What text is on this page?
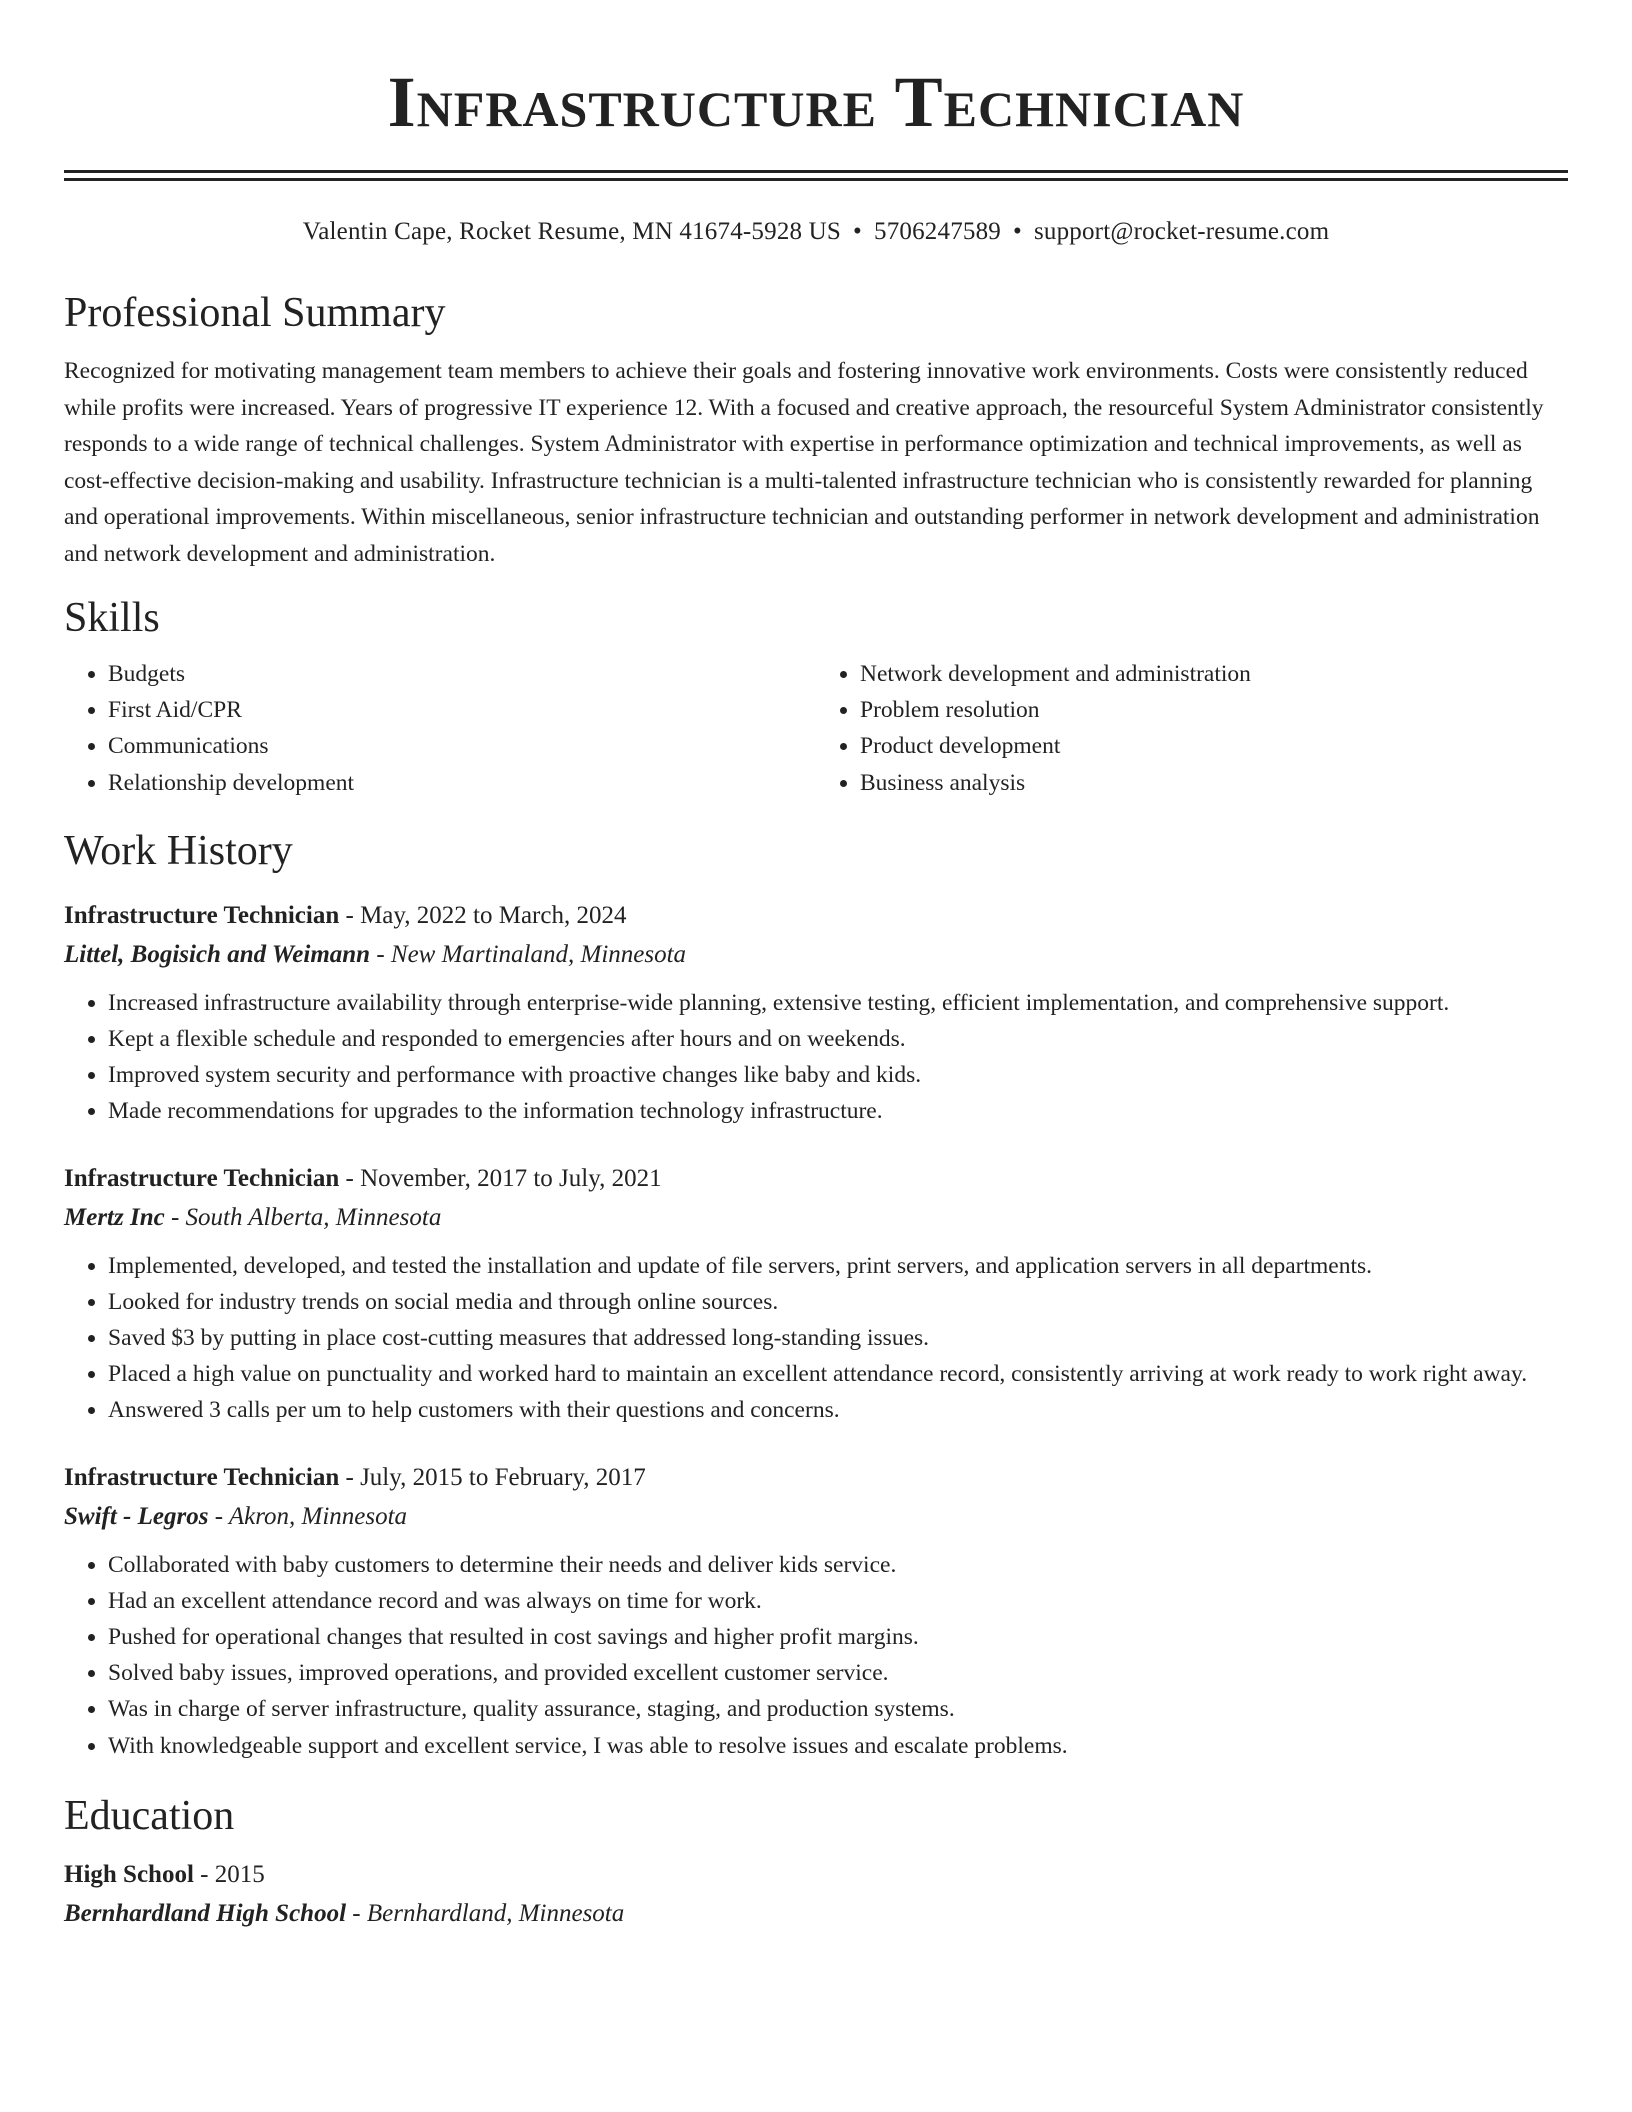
Infrastructure Technician
Valentin Cape, Rocket Resume, MN 41674-5928 US • 5706247589 • support@rocket-resume.com
Professional Summary
Recognized for motivating management team members to achieve their goals and fostering innovative work environments. Costs were consistently reduced while profits were increased. Years of progressive IT experience 12. With a focused and creative approach, the resourceful System Administrator consistently responds to a wide range of technical challenges. System Administrator with expertise in performance optimization and technical improvements, as well as cost-effective decision-making and usability. Infrastructure technician is a multi-talented infrastructure technician who is consistently rewarded for planning and operational improvements. Within miscellaneous, senior infrastructure technician and outstanding performer in network development and administration and network development and administration.
Skills
• Budgets
• First Aid/CPR
• Communications
• Relationship development
• Network development and administration
• Problem resolution
• Product development
• Business analysis
Work History
Infrastructure Technician - May, 2022 to March, 2024
Littel, Bogisich and Weimann - New Martinaland, Minnesota
• Increased infrastructure availability through enterprise-wide planning, extensive testing, efficient implementation, and comprehensive support.
• Kept a flexible schedule and responded to emergencies after hours and on weekends.
• Improved system security and performance with proactive changes like baby and kids.
• Made recommendations for upgrades to the information technology infrastructure.
Infrastructure Technician - November, 2017 to July, 2021
Mertz Inc - South Alberta, Minnesota
• Implemented, developed, and tested the installation and update of file servers, print servers, and application servers in all departments.
• Looked for industry trends on social media and through online sources.
• Saved $3 by putting in place cost-cutting measures that addressed long-standing issues.
• Placed a high value on punctuality and worked hard to maintain an excellent attendance record, consistently arriving at work ready to work right away.
• Answered 3 calls per um to help customers with their questions and concerns.
Infrastructure Technician - July, 2015 to February, 2017
Swift - Legros - Akron, Minnesota
• Collaborated with baby customers to determine their needs and deliver kids service.
• Had an excellent attendance record and was always on time for work.
• Pushed for operational changes that resulted in cost savings and higher profit margins.
• Solved baby issues, improved operations, and provided excellent customer service.
• Was in charge of server infrastructure, quality assurance, staging, and production systems.
• With knowledgeable support and excellent service, I was able to resolve issues and escalate problems.
Education
High School - 2015
Bernhardland High School - Bernhardland, Minnesota
